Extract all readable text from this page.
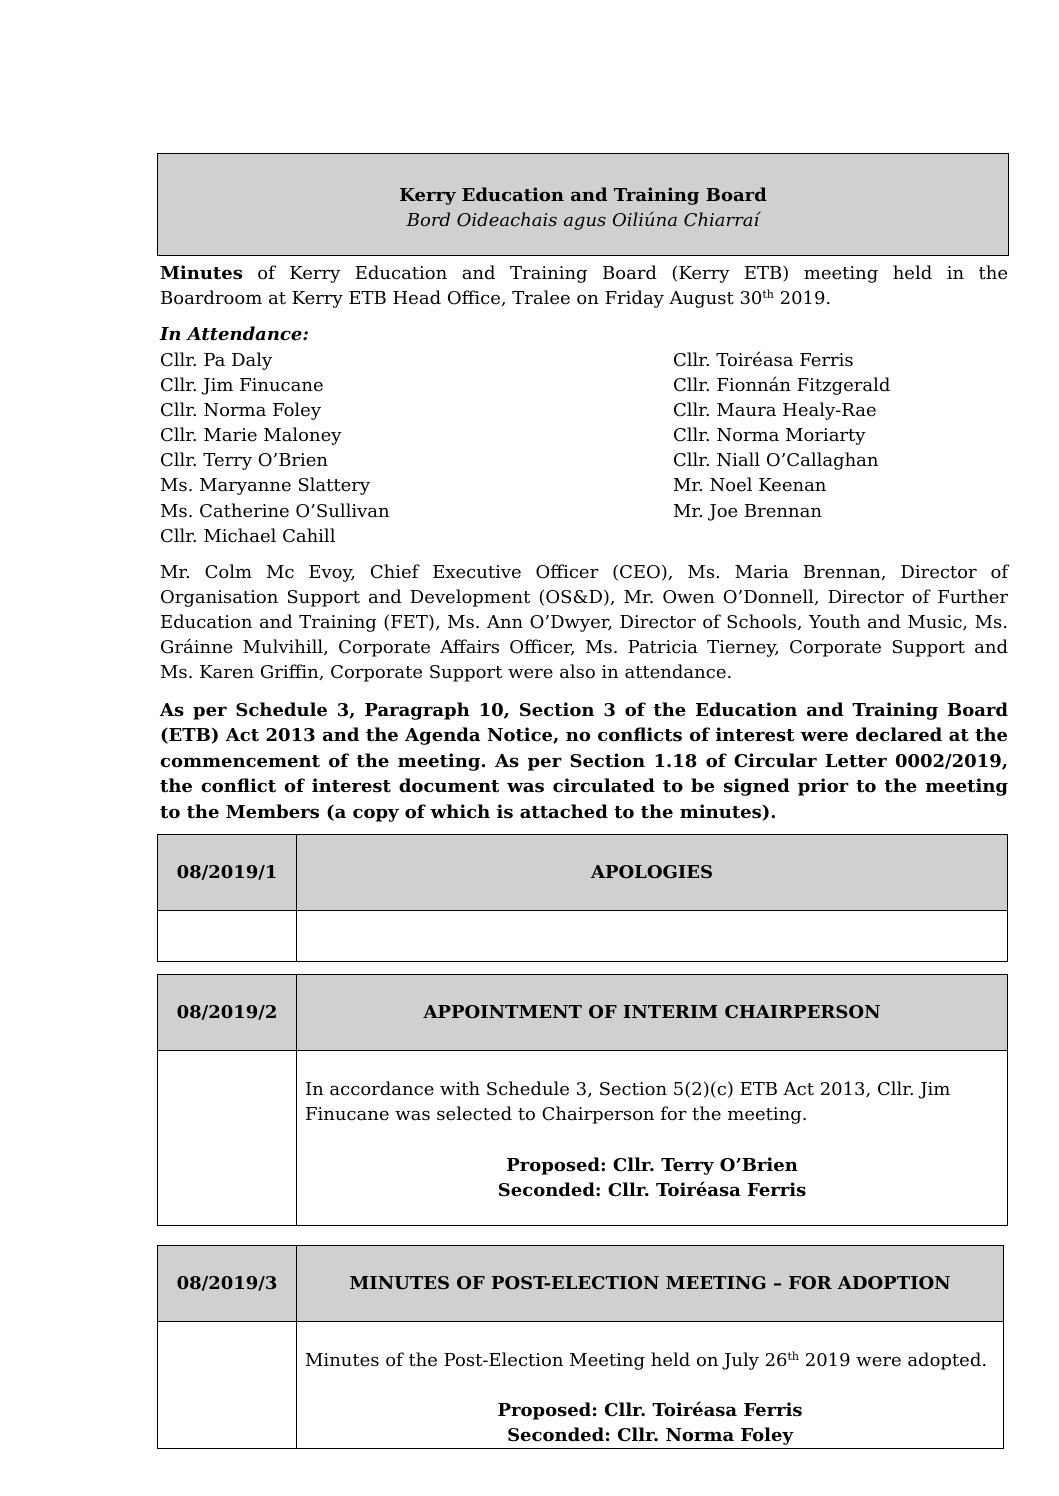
Kerry Education and Training Board
Bord Oideachais agus Oiliúna Chiarraí
Minutes of Kerry Education and Training Board (Kerry ETB) meeting held in the Boardroom at Kerry ETB Head Office, Tralee on Friday August 30th 2019.
In Attendance:
Cllr. Pa Daly
Cllr. Jim Finucane
Cllr. Norma Foley
Cllr. Marie Maloney
Cllr. Terry O’Brien
Ms. Maryanne Slattery
Ms. Catherine O’Sullivan
Cllr. Michael Cahill
Cllr. Toiréasa Ferris
Cllr. Fionnán Fitzgerald
Cllr. Maura Healy-Rae
Cllr. Norma Moriarty
Cllr. Niall O’Callaghan
Mr. Noel Keenan
Mr. Joe Brennan
Mr. Colm Mc Evoy, Chief Executive Officer (CEO), Ms. Maria Brennan, Director of Organisation Support and Development (OS&D), Mr. Owen O’Donnell, Director of Further Education and Training (FET), Ms. Ann O’Dwyer, Director of Schools, Youth and Music, Ms. Gráinne Mulvihill, Corporate Affairs Officer, Ms. Patricia Tierney, Corporate Support and Ms. Karen Griffin, Corporate Support were also in attendance.
As per Schedule 3, Paragraph 10, Section 3 of the Education and Training Board (ETB) Act 2013 and the Agenda Notice, no conflicts of interest were declared at the commencement of the meeting. As per Section 1.18 of Circular Letter 0002/2019, the conflict of interest document was circulated to be signed prior to the meeting to the Members (a copy of which is attached to the minutes).
08/2019/1	APOLOGIES

08/2019/2	APPOINTMENT OF INTERIM CHAIRPERSON

	In accordance with Schedule 3, Section 5(2)(c) ETB Act 2013, Cllr. Jim Finucane was selected to Chairperson for the meeting.
Proposed: Cllr. Terry O’Brien
Seconded: Cllr. Toiréasa Ferris
08/2019/3	MINUTES OF POST-ELECTION MEETING – FOR ADOPTION

	Minutes of the Post-Election Meeting held on July 26th 2019 were adopted.
Proposed: Cllr. Toiréasa Ferris
Seconded: Cllr. Norma Foley
